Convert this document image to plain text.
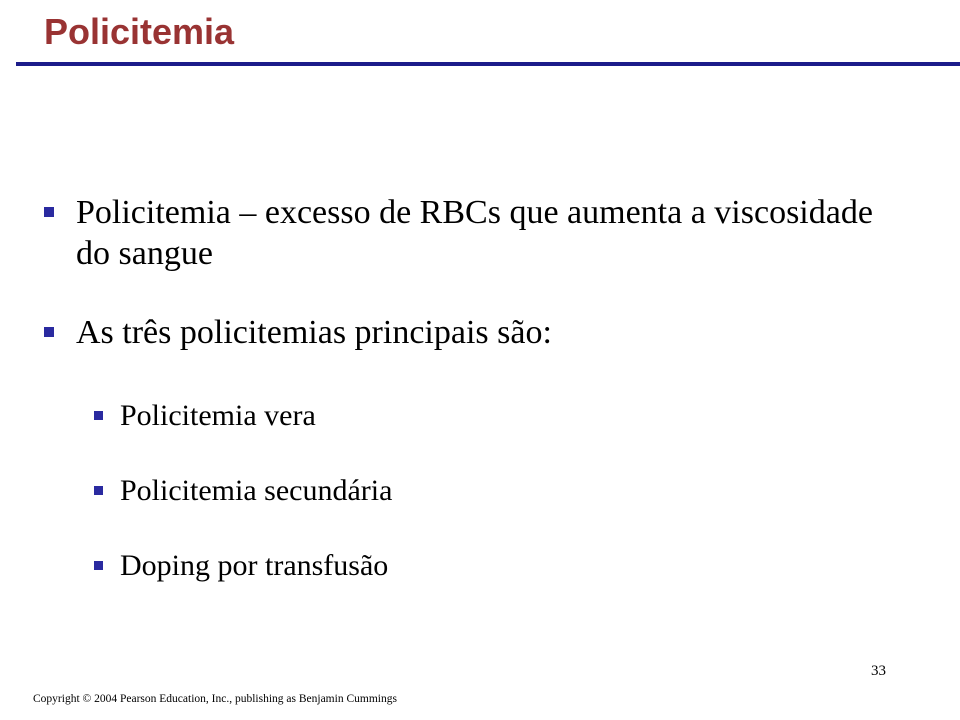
Policitemia
Policitemia – excesso de RBCs que aumenta a viscosidade do sangue
As três policitemias principais são:
Policitemia vera
Policitemia secundária
Doping por transfusão
33
Copyright © 2004 Pearson Education, Inc., publishing as Benjamin Cummings
